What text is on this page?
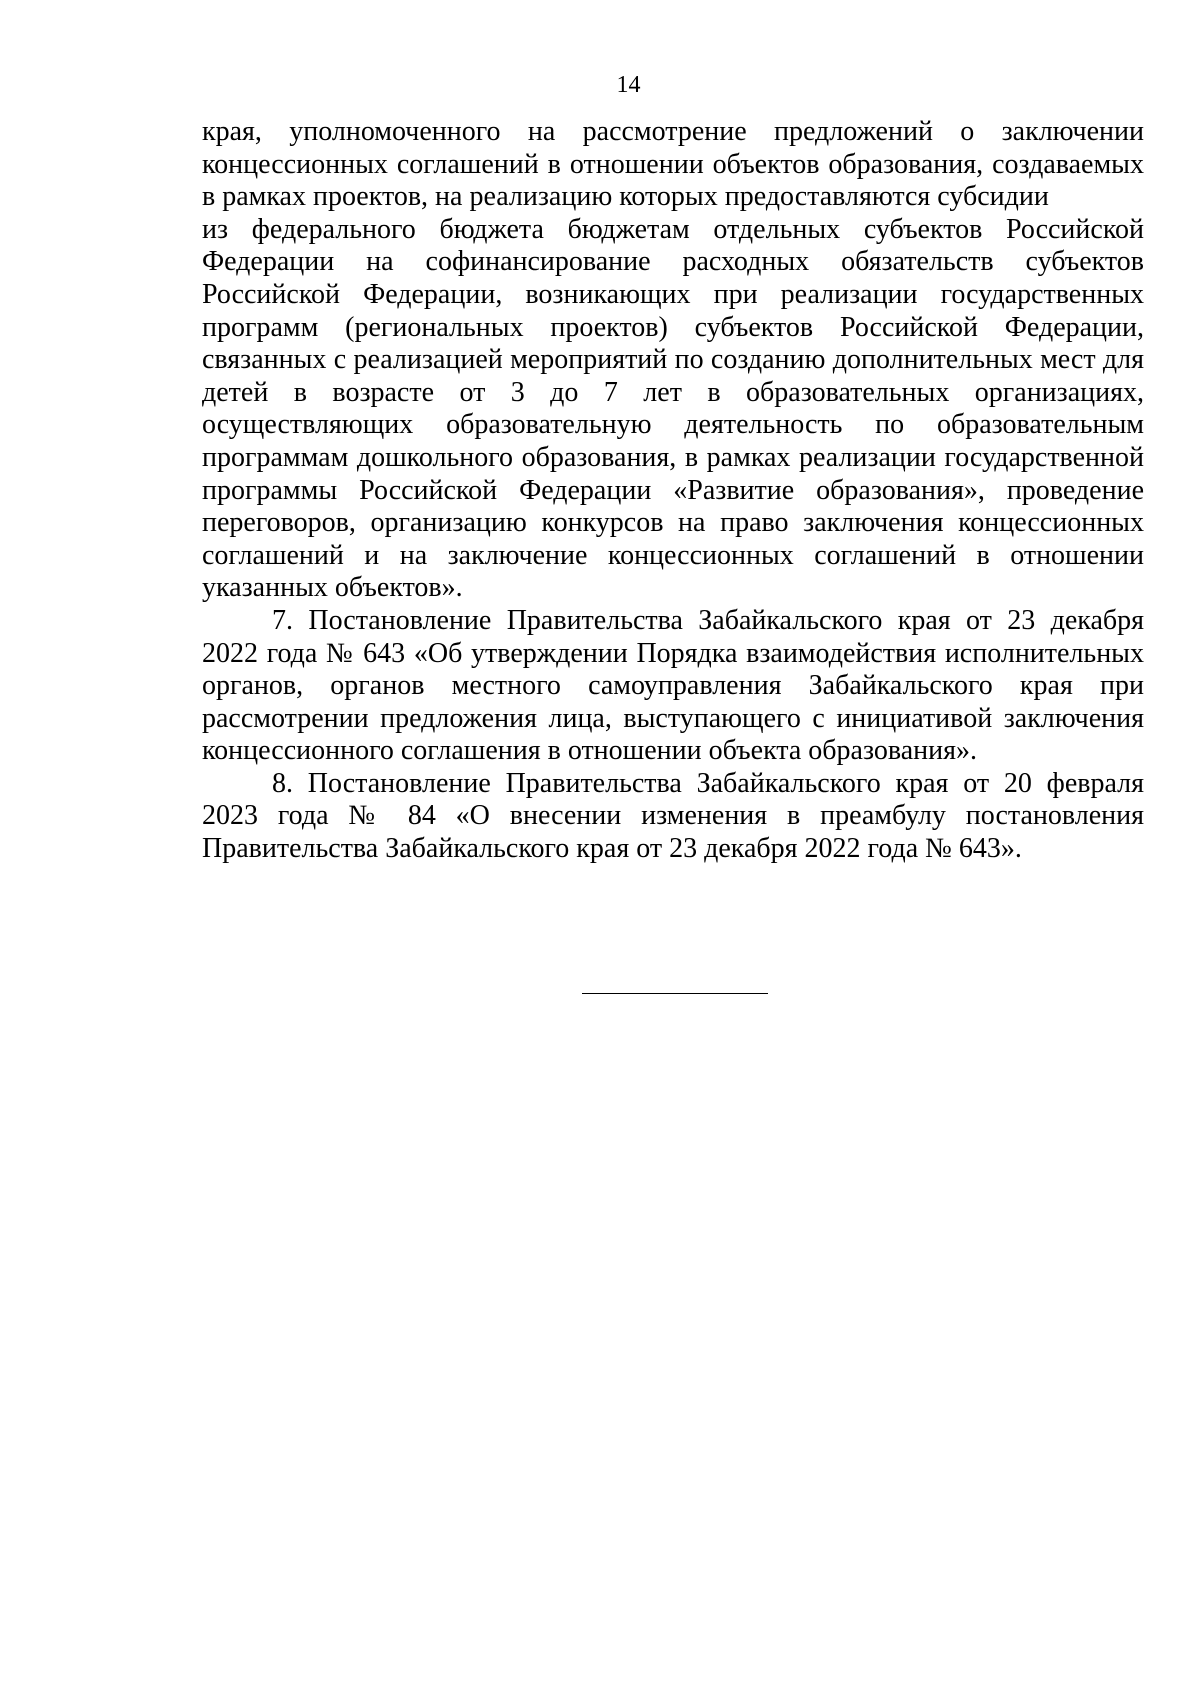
14

края, уполномоченного на рассмотрение предложений о заключении концессионных соглашений в отношении объектов образования, создаваемых в рамках проектов, на реализацию которых предоставляются субсидии

из федерального бюджета бюджетам отдельных субъектов Российской Федерации на софинансирование расходных обязательств субъектов Российской Федерации, возникающих при реализации государственных программ (региональных проектов) субъектов Российской Федерации, связанных с реализацией мероприятий по созданию дополнительных мест для детей в возрасте от 3 до 7 лет в образовательных организациях, осуществляющих образовательную деятельность по образовательным программам дошкольного образования, в рамках реализации государственной программы Российской Федерации «Развитие образования», проведение переговоров, организацию конкурсов на право заключения концессионных соглашений и на заключение концессионных соглашений в отношении указанных объектов».

7. Постановление Правительства Забайкальского края от 23 декабря 2022 года № 643 «Об утверждении Порядка взаимодействия исполнительных органов, органов местного самоуправления Забайкальского края при рассмотрении предложения лица, выступающего с инициативой заключения концессионного соглашения в отношении объекта образования».

8. Постановление Правительства Забайкальского края от 20 февраля 2023 года № 84 «О внесении изменения в преамбулу постановления Правительства Забайкальского края от 23 декабря 2022 года № 643».
